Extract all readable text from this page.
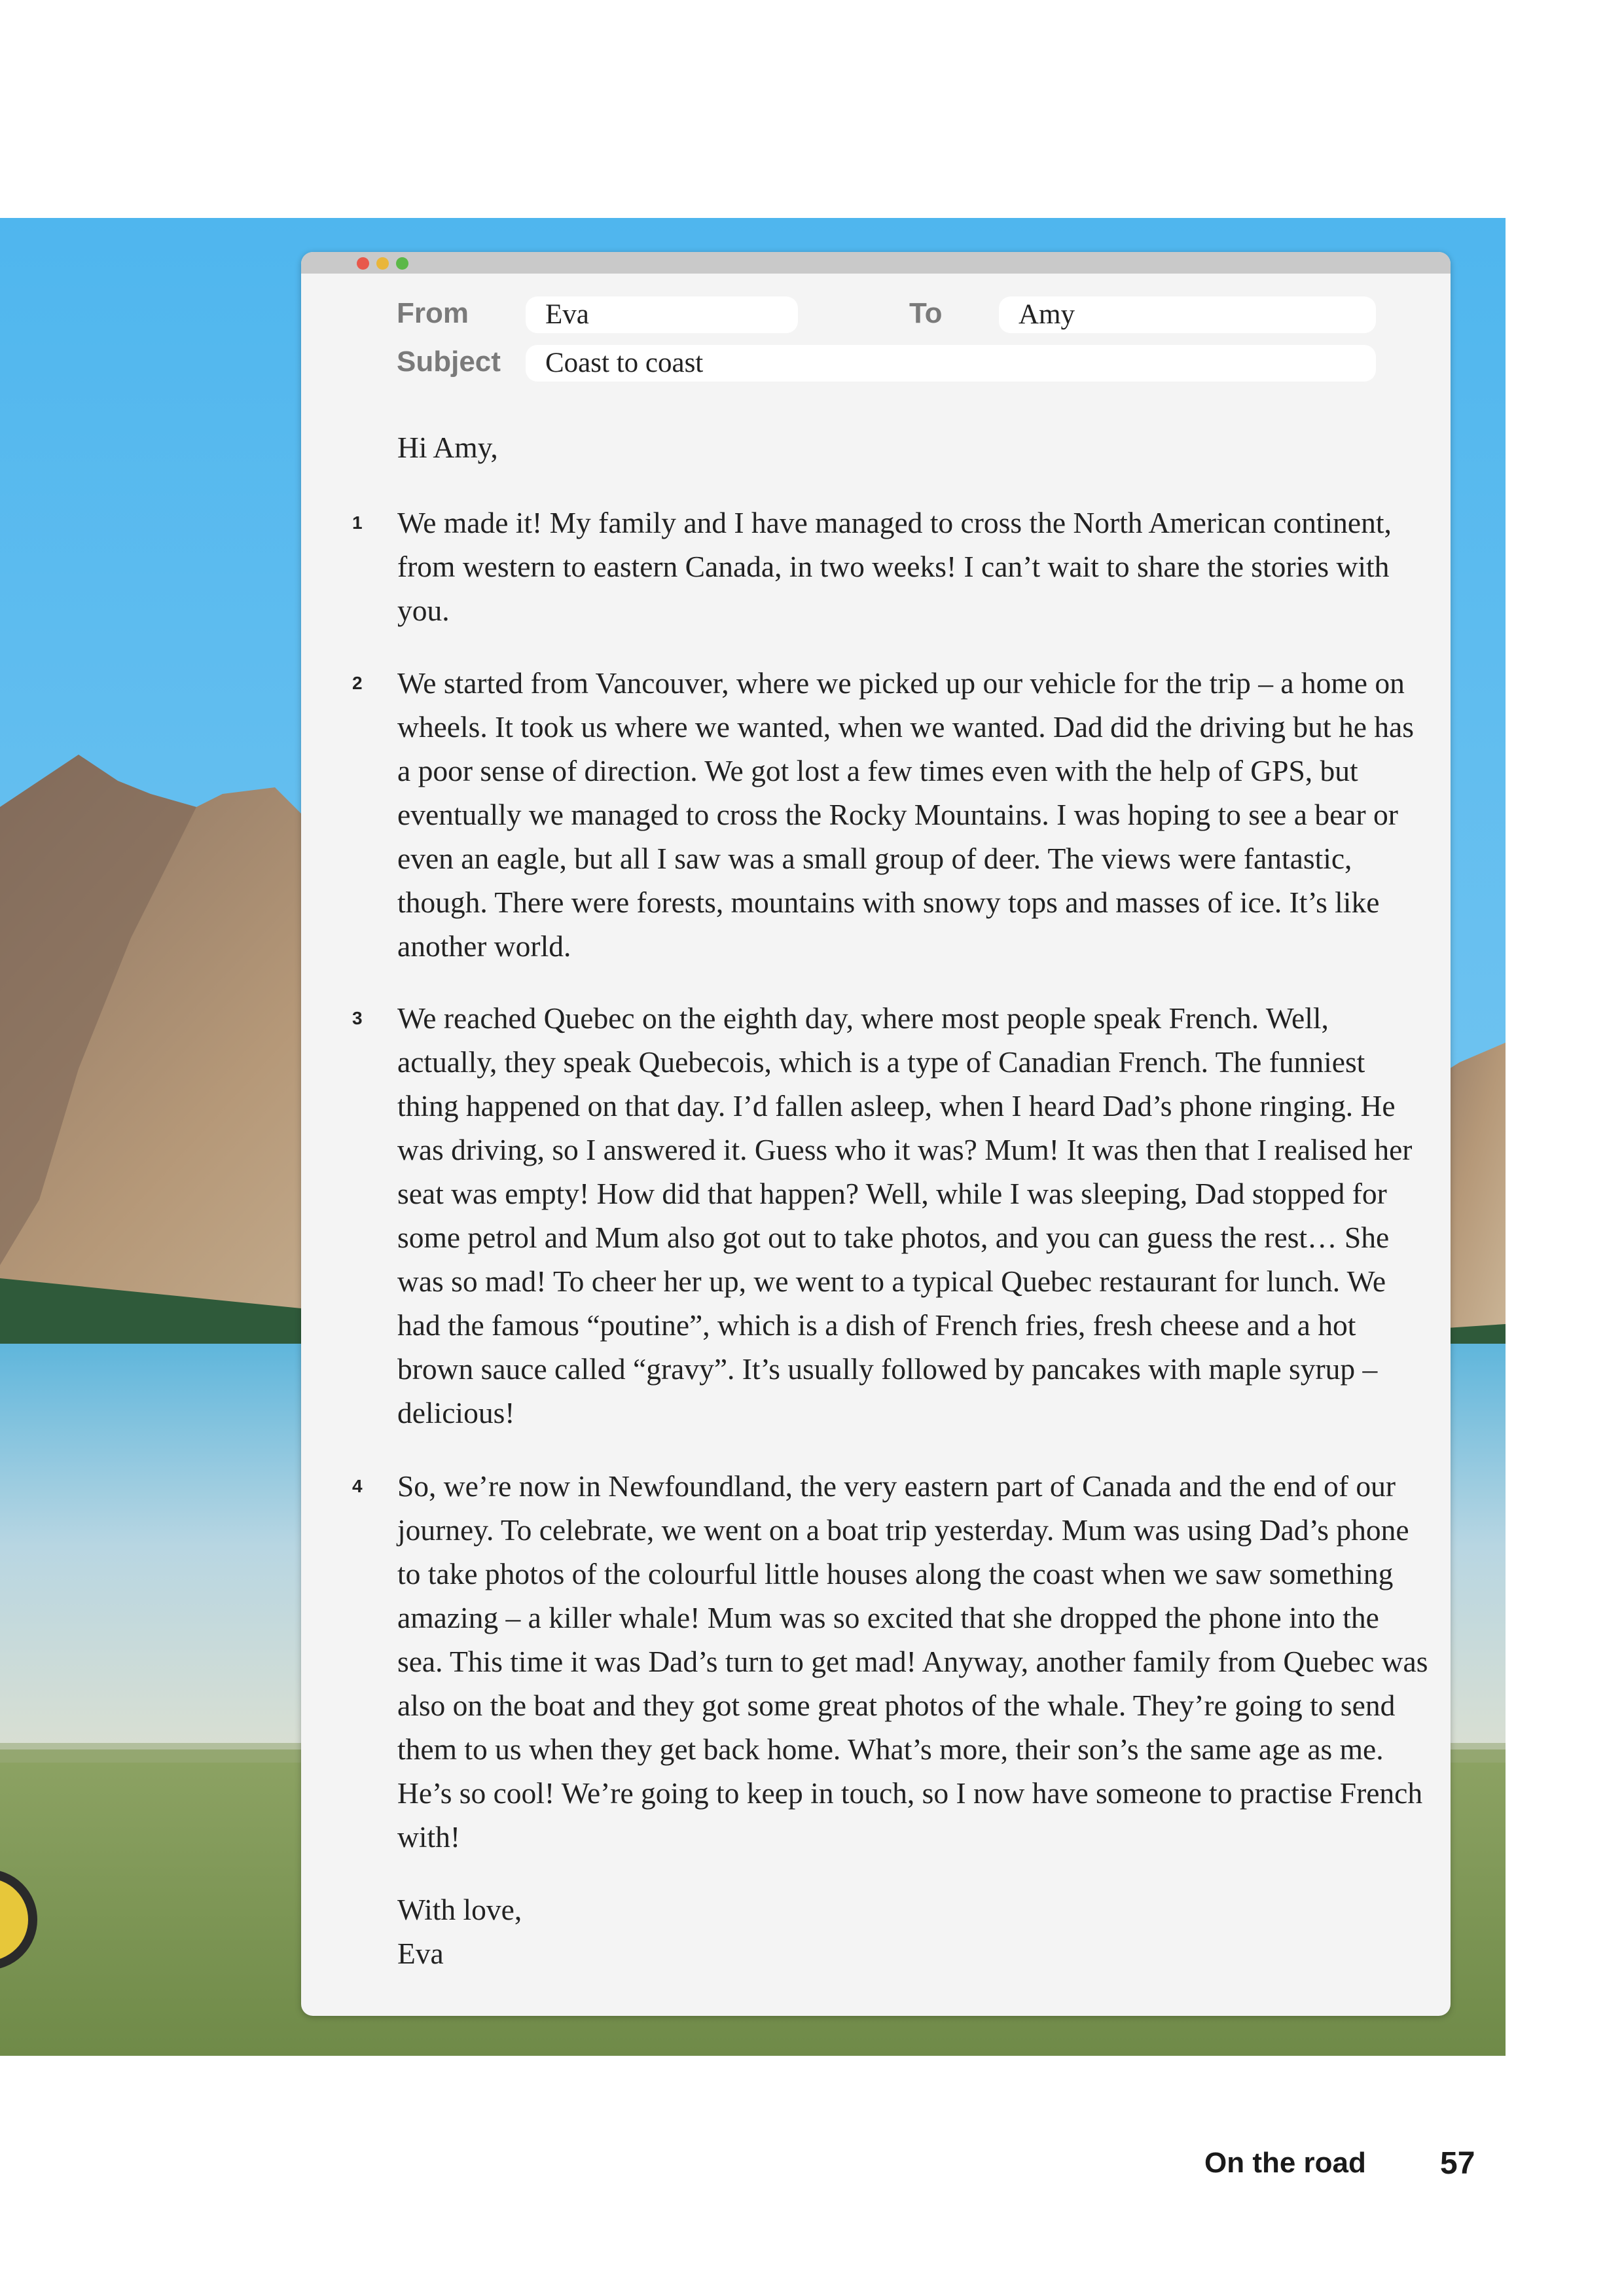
From	Eva	To	Amy
Subject	Coast to coast
Hi Amy,
1 We made it! My family and I have managed to cross the North American continent, from western to eastern Canada, in two weeks! I can’t wait to share the stories with you.
2 We started from Vancouver, where we picked up our vehicle for the trip – a home on wheels. It took us where we wanted, when we wanted. Dad did the driving but he has a poor sense of direction. We got lost a few times even with the help of GPS, but eventually we managed to cross the Rocky Mountains. I was hoping to see a bear or even an eagle, but all I saw was a small group of deer. The views were fantastic, though. There were forests, mountains with snowy tops and masses of ice. It’s like another world.
3 We reached Quebec on the eighth day, where most people speak French. Well, actually, they speak Quebecois, which is a type of Canadian French. The funniest thing happened on that day. I’d fallen asleep, when I heard Dad’s phone ringing. He was driving, so I answered it. Guess who it was? Mum! It was then that I realised her seat was empty! How did that happen? Well, while I was sleeping, Dad stopped for some petrol and Mum also got out to take photos, and you can guess the rest… She was so mad! To cheer her up, we went to a typical Quebec restaurant for lunch. We had the famous “poutine”, which is a dish of French fries, fresh cheese and a hot brown sauce called “gravy”. It’s usually followed by pancakes with maple syrup – delicious!
4 So, we’re now in Newfoundland, the very eastern part of Canada and the end of our journey. To celebrate, we went on a boat trip yesterday. Mum was using Dad’s phone to take photos of the colourful little houses along the coast when we saw something amazing – a killer whale! Mum was so excited that she dropped the phone into the sea. This time it was Dad’s turn to get mad! Anyway, another family from Quebec was also on the boat and they got some great photos of the whale. They’re going to send them to us when they get back home. What’s more, their son’s the same age as me. He’s so cool! We’re going to keep in touch, so I now have someone to practise French with!
With love,
Eva
On the road 57
